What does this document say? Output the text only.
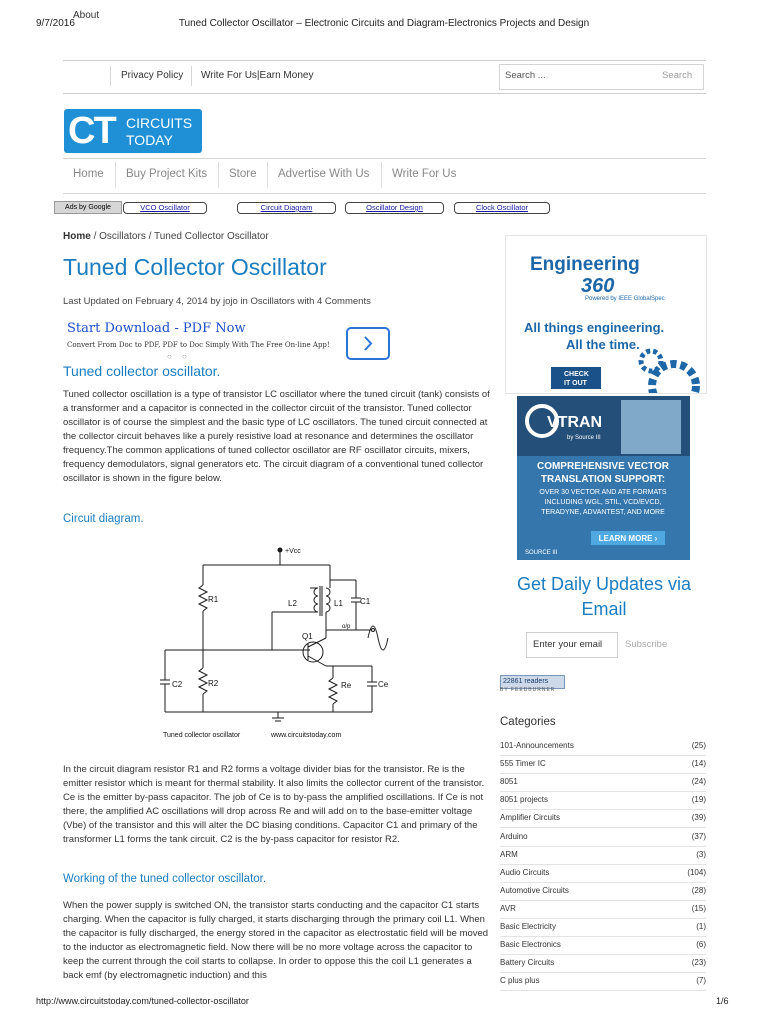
9/7/2016	Tuned Collector Oscillator – Electronic Circuits and Diagram-Electronics Projects and Design
http://www.circuitstoday.com/tuned-collector-oscillator	1/6
About
Privacy Policy Write For Us|Earn Money	Search ...	Search
CT CIRCUITS
TODAY
Home Buy Project Kits Store Advertise With Us Write For Us
Ads by Google	VCO Oscillator	Circuit Diagram	Oscillator Design	Clock Oscillator
Home / Oscillators / Tuned Collector Oscillator
Tuned Collector Oscillator
Last Updated on February 4, 2014 by jojo in Oscillators with 4 Comments
Start Download - PDF Now
Convert From Doc to PDF, PDF to Doc Simply With The Free On-line App!
○ ○
Tuned collector oscillator.
Tuned collector oscillation is a type of transistor LC oscillator where the tuned circuit (tank) consists of a transformer and a capacitor is connected in the collector circuit of the transistor. Tuned collector oscillator is of course the simplest and the basic type of LC oscillators. The tuned circuit connected at the collector circuit behaves like a purely resistive load at resonance and determines the oscillator frequency.The common applications of tuned collector oscillator are RF oscillator circuits, mixers, frequency demodulators, signal generators etc. The circuit diagram of a conventional tuned collector oscillator is shown in the figure below.
Circuit diagram.
+Vcc
R1
R2
L1
L2	C1
C2
Q1
Re	Ce
o/p
Tuned collector oscillator	www.circuitstoday.com
In the circuit diagram resistor R1 and R2 forms a voltage divider bias for the transistor. Re is the emitter resistor which is meant for thermal stability. It also limits the collector current of the transistor. Ce is the emitter by-pass capacitor. The job of Ce is to by-pass the amplified oscillations. If Ce is not there, the amplified AC oscillations will drop across Re and will add on to the base-emitter voltage (Vbe) of the transistor and this will alter the DC biasing conditions. Capacitor C1 and primary of the transformer L1 forms the tank circuit. C2 is the by-pass capacitor for resistor R2.
Working of the tuned collector oscillator.
When the power supply is switched ON, the transistor starts conducting and the capacitor C1 starts charging. When the capacitor is fully charged, it starts discharging through the primary coil L1. When the capacitor is fully discharged, the energy stored in the capacitor as electrostatic field will be moved to the inductor as electromagnetic field. Now there will be no more voltage across the capacitor to keep the current through the coil starts to collapse. In order to oppose this the coil L1 generates a back emf (by electromagnetic induction) and this
Engineering
360
Powered by IEEE GlobalSpec
All things engineering.
All the time.
CHECK
IT OUT
VTRAN
by Source III
COMPREHENSIVE VECTOR
TRANSLATION SUPPORT:
OVER 30 VECTOR AND ATE FORMATS
INCLUDING WGL, STIL, VCD/EVCD,
TERADYNE, ADVANTEST, AND MORE
LEARN MORE ›
SOURCE III
Get Daily Updates via
Email
Enter your email	Subscribe
22861 readers
BY FEEDBURNER
Categories
101-Announcements	(25)
555 Timer IC	(14)
8051	(24)
8051 projects	(19)
Amplifier Circuits	(39)
Arduino	(37)
ARM	(3)
Audio Circuits	(104)
Automotive Circuits	(28)
AVR	(15)
Basic Electricity	(1)
Basic Electronics	(6)
Battery Circuits	(23)
C plus plus	(7)
